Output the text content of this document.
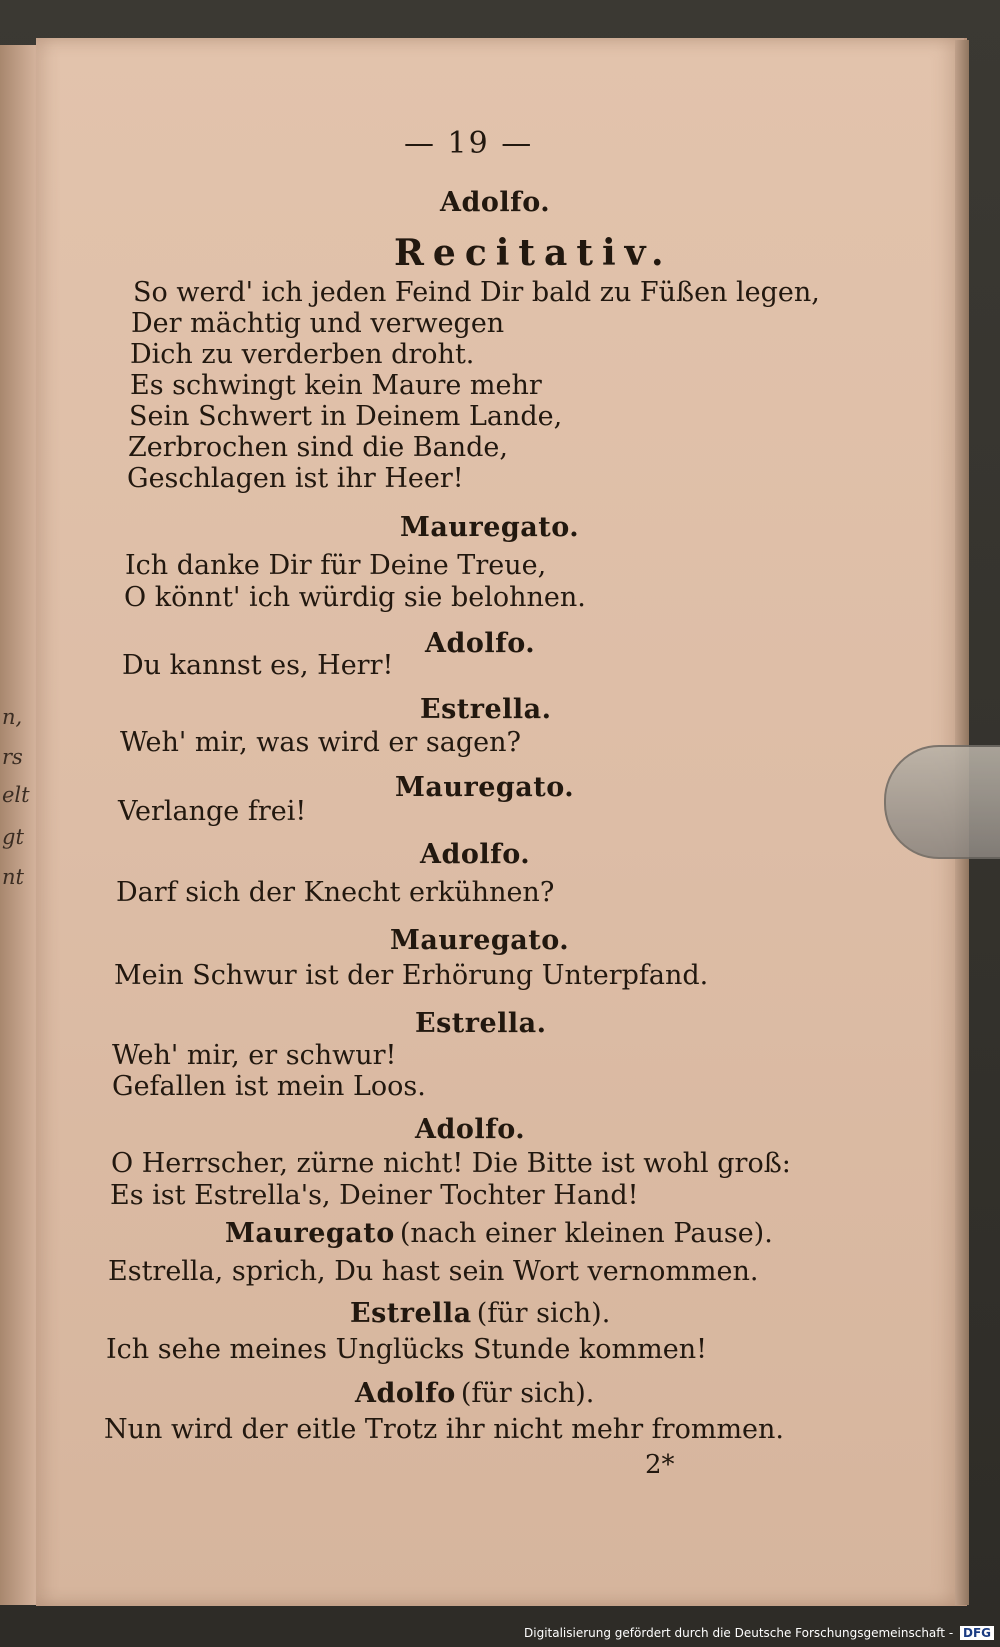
n,
rs
elt
gt
nt
— 19 —
Adolfo.
Recitativ.
So werd' ich jeden Feind Dir bald zu Füßen legen,
Der mächtig und verwegen
Dich zu verderben droht.
Es schwingt kein Maure mehr
Sein Schwert in Deinem Lande,
Zerbrochen sind die Bande,
Geschlagen ist ihr Heer!
Mauregato.
Ich danke Dir für Deine Treue,
O könnt' ich würdig sie belohnen.
Adolfo.
Du kannst es, Herr!
Estrella.
Weh' mir, was wird er sagen?
Mauregato.
Verlange frei!
Adolfo.
Darf sich der Knecht erkühnen?
Mauregato.
Mein Schwur ist der Erhörung Unterpfand.
Estrella.
Weh' mir, er schwur!
Gefallen ist mein Loos.
Adolfo.
O Herrscher, zürne nicht! Die Bitte ist wohl groß:
Es ist Estrella's, Deiner Tochter Hand!
Mauregato (nach einer kleinen Pause).
Estrella, sprich, Du hast sein Wort vernommen.
Estrella (für sich).
Ich sehe meines Unglücks Stunde kommen!
Adolfo (für sich).
Nun wird der eitle Trotz ihr nicht mehr frommen.
2*
Digitalisierung gefördert durch die Deutsche Forschungsgemeinschaft - DFG
